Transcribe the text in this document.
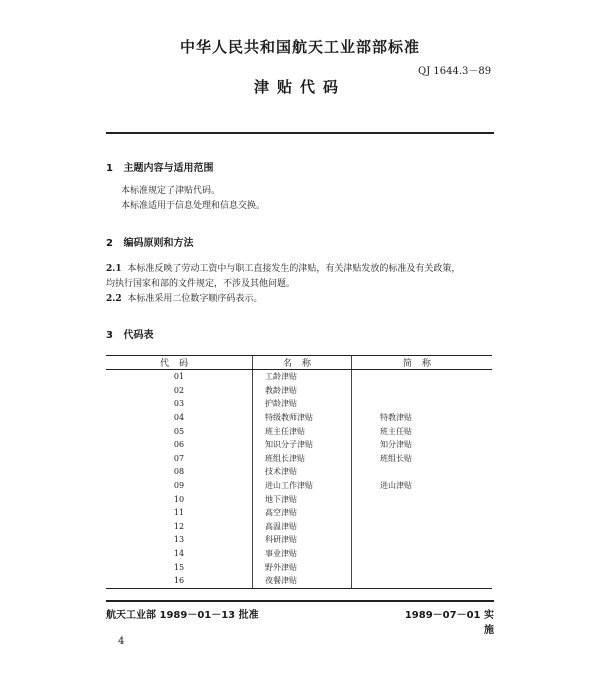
中华人民共和国航天工业部部标准
QJ 1644.3－89
津贴代码
1 主题内容与适用范围
本标准规定了津贴代码。
本标准适用于信息处理和信息交换。
2 编码原则和方法
2.1 本标准反映了劳动工资中与职工直接发生的津贴，有关津贴发放的标准及有关政策，
均执行国家和部的文件规定，不涉及其他问题。
2.2 本标准采用二位数字顺序码表示。
3 代码表
代码	名称	简称
01	工龄津贴	
02	教龄津贴	
03	护龄津贴	
04	特级教师津贴	特教津贴
05	班主任津贴	班主任贴
06	知识分子津贴	知分津贴
07	班组长津贴	班组长贴
08	技术津贴	
09	进山工作津贴	进山津贴
10	地下津贴	
11	高空津贴	
12	高温津贴	
13	科研津贴	
14	事业津贴	
15	野外津贴	
16	夜餐津贴	
航天工业部 1989－01－13 批准	1989－07－01 实施
4
